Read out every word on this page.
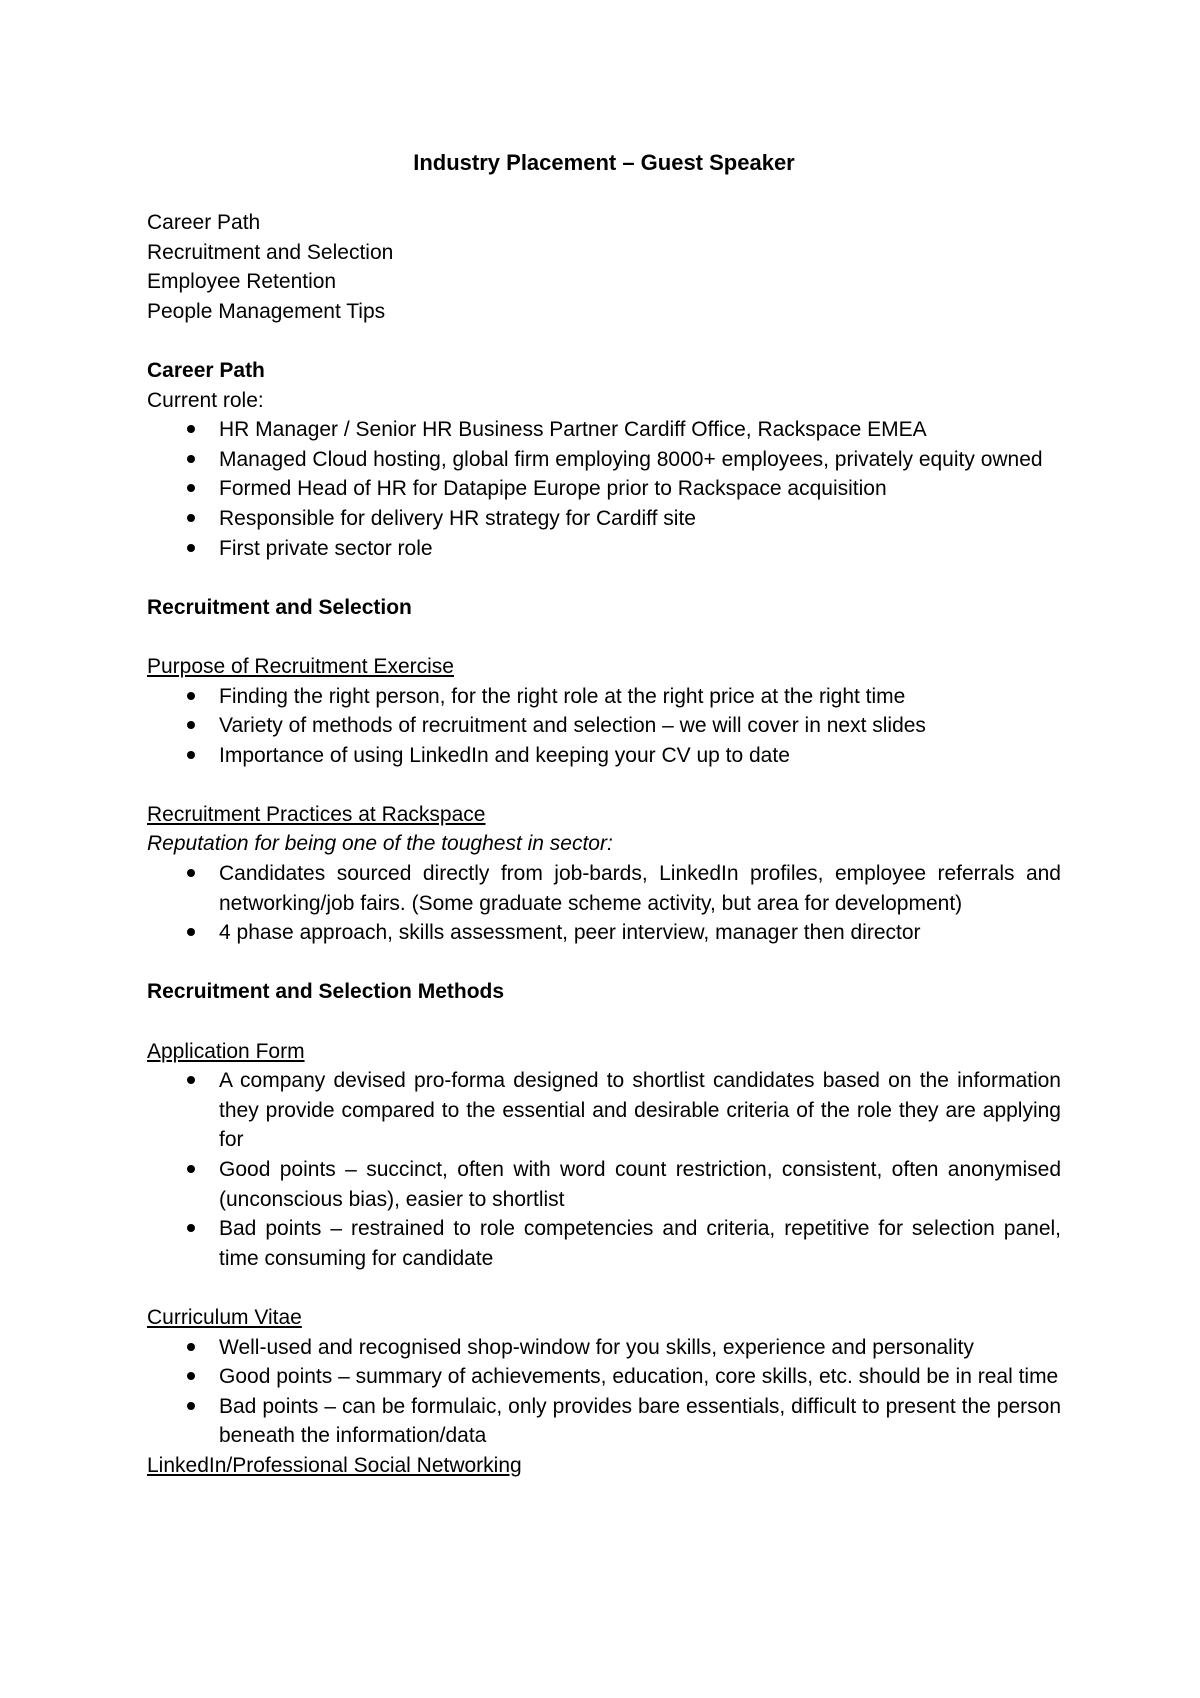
Industry Placement – Guest Speaker
Career Path
Recruitment and Selection
Employee Retention
People Management Tips
Career Path
Current role:
HR Manager / Senior HR Business Partner Cardiff Office, Rackspace EMEA
Managed Cloud hosting, global firm employing 8000+ employees, privately equity owned
Formed Head of HR for Datapipe Europe prior to Rackspace acquisition
Responsible for delivery HR strategy for Cardiff site
First private sector role
Recruitment and Selection
Purpose of Recruitment Exercise
Finding the right person, for the right role at the right price at the right time
Variety of methods of recruitment and selection – we will cover in next slides
Importance of using LinkedIn and keeping your CV up to date
Recruitment Practices at Rackspace
Reputation for being one of the toughest in sector:
Candidates sourced directly from job-bards, LinkedIn profiles, employee referrals and networking/job fairs. (Some graduate scheme activity, but area for development)
4 phase approach, skills assessment, peer interview, manager then director
Recruitment and Selection Methods
Application Form
A company devised pro-forma designed to shortlist candidates based on the information they provide compared to the essential and desirable criteria of the role they are applying for
Good points – succinct, often with word count restriction, consistent, often anonymised (unconscious bias), easier to shortlist
Bad points – restrained to role competencies and criteria, repetitive for selection panel, time consuming for candidate
Curriculum Vitae
Well-used and recognised shop-window for you skills, experience and personality
Good points – summary of achievements, education, core skills, etc. should be in real time
Bad points – can be formulaic, only provides bare essentials, difficult to present the person beneath the information/data
LinkedIn/Professional Social Networking
